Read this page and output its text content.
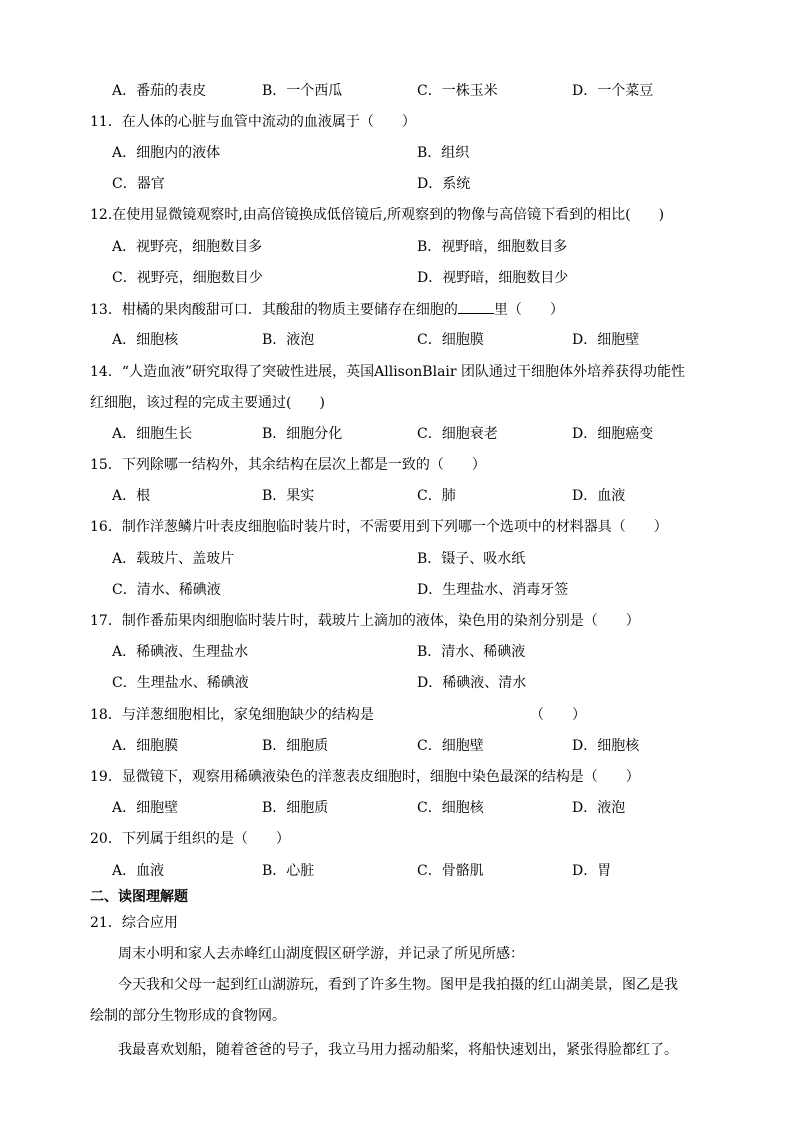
A．番茄的表皮	B．一个西瓜	C．一株玉米	D．一个菜豆
11．在人体的心脏与血管中流动的血液属于（　　）
A．细胞内的液体	B．组织
C．器官	D．系统
12.在使用显微镜观察时,由高倍镜换成低倍镜后,所观察到的物像与高倍镜下看到的相比(　　)
A．视野亮，细胞数目多	B．视野暗，细胞数目多
C．视野亮，细胞数目少	D．视野暗，细胞数目少
13．柑橘的果肉酸甜可口．其酸甜的物质主要储存在细胞的	里（　　）
A．细胞核	B．液泡	C．细胞膜	D．细胞壁
14．“人造血液”研究取得了突破性进展，英国AllisonBlair 团队通过干细胞体外培养获得功能性
红细胞，该过程的完成主要通过(　　)
A．细胞生长	B．细胞分化	C．细胞衰老	D．细胞癌变
15．下列除哪一结构外，其余结构在层次上都是一致的（　　）
A．根	B．果实	C．肺	D．血液
16．制作洋葱鳞片叶表皮细胞临时装片时，不需要用到下列哪一个选项中的材料器具（　　）
A．载玻片、盖玻片	B．镊子、吸水纸
C．清水、稀碘液	D．生理盐水、消毒牙签
17．制作番茄果肉细胞临时装片时，载玻片上滴加的液体，染色用的染剂分别是（　　）
A．稀碘液、生理盐水	B．清水、稀碘液
C．生理盐水、稀碘液	D．稀碘液、清水
18．与洋葱细胞相比，家兔细胞缺少的结构是	（　　）
A．细胞膜	B．细胞质	C．细胞壁	D．细胞核
19．显微镜下，观察用稀碘液染色的洋葱表皮细胞时，细胞中染色最深的结构是（　　）
A．细胞壁	B．细胞质	C．细胞核	D．液泡
20．下列属于组织的是（　　）
A．血液	B．心脏	C．骨骼肌	D．胃
二、读图理解题
21．综合应用
周末小明和家人去赤峰红山湖度假区研学游，并记录了所见所感：
今天我和父母一起到红山湖游玩，看到了许多生物。图甲是我拍摄的红山湖美景，图乙是我
绘制的部分生物形成的食物网。
我最喜欢划船，随着爸爸的号子，我立马用力摇动船桨，将船快速划出，紧张得脸都红了。
